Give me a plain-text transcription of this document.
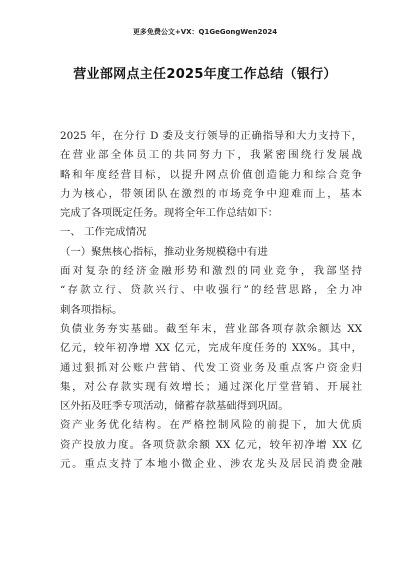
更多免费公文+VX：Q1GeGongWen2024
营业部网点主任2025年度工作总结（银行）
2025 年，在分行 D 委及支行领导的正确指导和大力支持下，
在营业部全体员工的共同努力下，我紧密围绕行发展战
略和年度经营目标，以提升网点价值创造能力和综合竞争
力为核心，带领团队在激烈的市场竞争中迎难而上，基本
完成了各项既定任务。现将全年工作总结如下：
一、 工作完成情况
（一）聚焦核心指标，推动业务规模稳中有进
面对复杂的经济金融形势和激烈的同业竞争，我部坚持
“存款立行、贷款兴行、中收强行”的经营思路，全力冲
刺各项指标。
负债业务夯实基础。截至年末，营业部各项存款余额达 XX
亿元，较年初净增 XX 亿元，完成年度任务的 XX%。其中，
通过狠抓对公账户营销、代发工资业务及重点客户资金归
集，对公存款实现有效增长；通过深化厅堂营销、开展社
区外拓及旺季专项活动，储蓄存款基础得到巩固。
资产业务优化结构。在严格控制风险的前提下，加大优质
资产投放力度。各项贷款余额 XX 亿元，较年初净增 XX 亿
元。重点支持了本地小微企业、涉农龙头及居民消费金融
